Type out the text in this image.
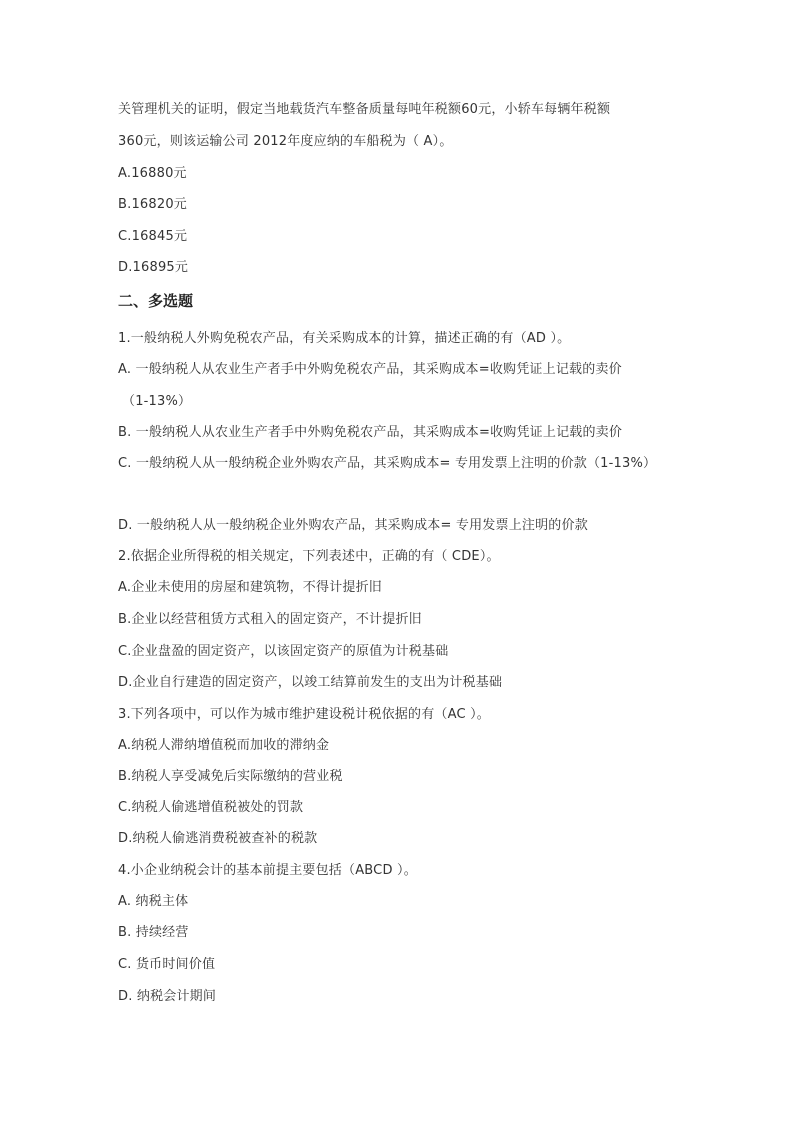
关管理机关的证明，假定当地载货汽车整备质量每吨年税额60元，小轿车每辆年税额
360元，则该运输公司 2012年度应纳的车船税为（ A）。
A.16880元
B.16820元
C.16845元
D.16895元
二、多选题
1.一般纳税人外购免税农产品，有关采购成本的计算，描述正确的有（AD ）。
A. 一般纳税人从农业生产者手中外购免税农产品，其采购成本=收购凭证上记载的卖价
（1-13%）
B. 一般纳税人从农业生产者手中外购免税农产品，其采购成本=收购凭证上记载的卖价
C. 一般纳税人从一般纳税企业外购农产品，其采购成本= 专用发票上注明的价款（1-13%）
D. 一般纳税人从一般纳税企业外购农产品，其采购成本= 专用发票上注明的价款
2.依据企业所得税的相关规定，下列表述中，正确的有（ CDE）。
A.企业未使用的房屋和建筑物，不得计提折旧
B.企业以经营租赁方式租入的固定资产，不计提折旧
C.企业盘盈的固定资产，以该固定资产的原值为计税基础
D.企业自行建造的固定资产，以竣工结算前发生的支出为计税基础
3.下列各项中，可以作为城市维护建设税计税依据的有（AC ）。
A.纳税人滞纳增值税而加收的滞纳金
B.纳税人享受减免后实际缴纳的营业税
C.纳税人偷逃增值税被处的罚款
D.纳税人偷逃消费税被查补的税款
4.小企业纳税会计的基本前提主要包括（ABCD ）。
A. 纳税主体
B. 持续经营
C. 货币时间价值
D. 纳税会计期间
